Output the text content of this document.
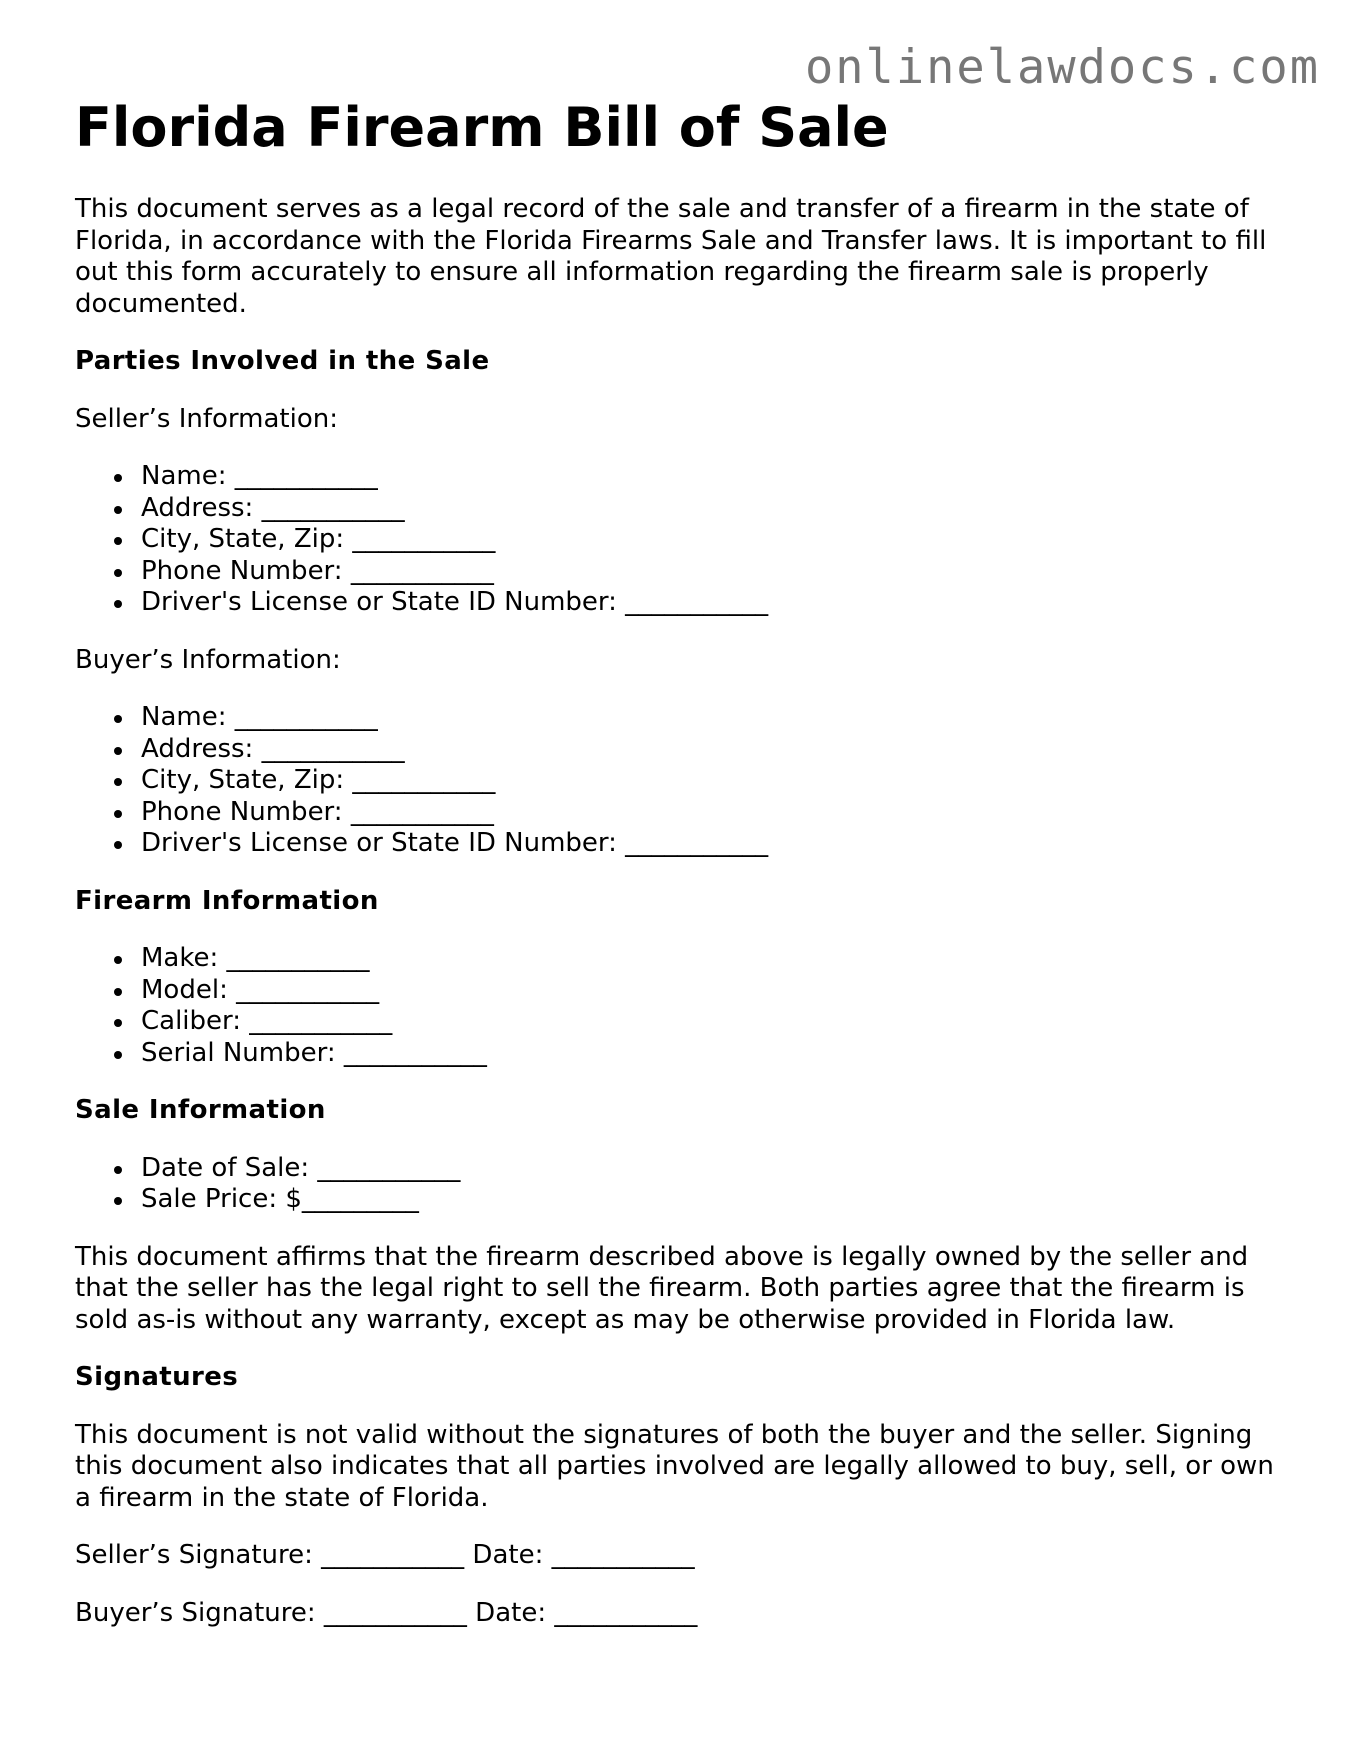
onlinelawdocs.com
Florida Firearm Bill of Sale

This document serves as a legal record of the sale and transfer of a firearm in the state of Florida, in accordance with the Florida Firearms Sale and Transfer laws. It is important to fill out this form accurately to ensure all information regarding the firearm sale is properly documented.

Parties Involved in the Sale

Seller’s Information:

Name: ___________
Address: ___________
City, State, Zip: ___________
Phone Number: ___________
Driver's License or State ID Number: ___________

Buyer’s Information:

Name: ___________
Address: ___________
City, State, Zip: ___________
Phone Number: ___________
Driver's License or State ID Number: ___________
Firearm Information
Make: ___________
Model: ___________
Caliber: ___________
Serial Number: ___________
Sale Information
Date of Sale: ___________
Sale Price: $_________

This document affirms that the firearm described above is legally owned by the seller and that the seller has the legal right to sell the firearm. Both parties agree that the firearm is sold as-is without any warranty, except as may be otherwise provided in Florida law.

Signatures

This document is not valid without the signatures of both the buyer and the seller. Signing this document also indicates that all parties involved are legally allowed to buy, sell, or own a firearm in the state of Florida.

Seller’s Signature: ___________ Date: ___________
Buyer’s Signature: ___________ Date: ___________
